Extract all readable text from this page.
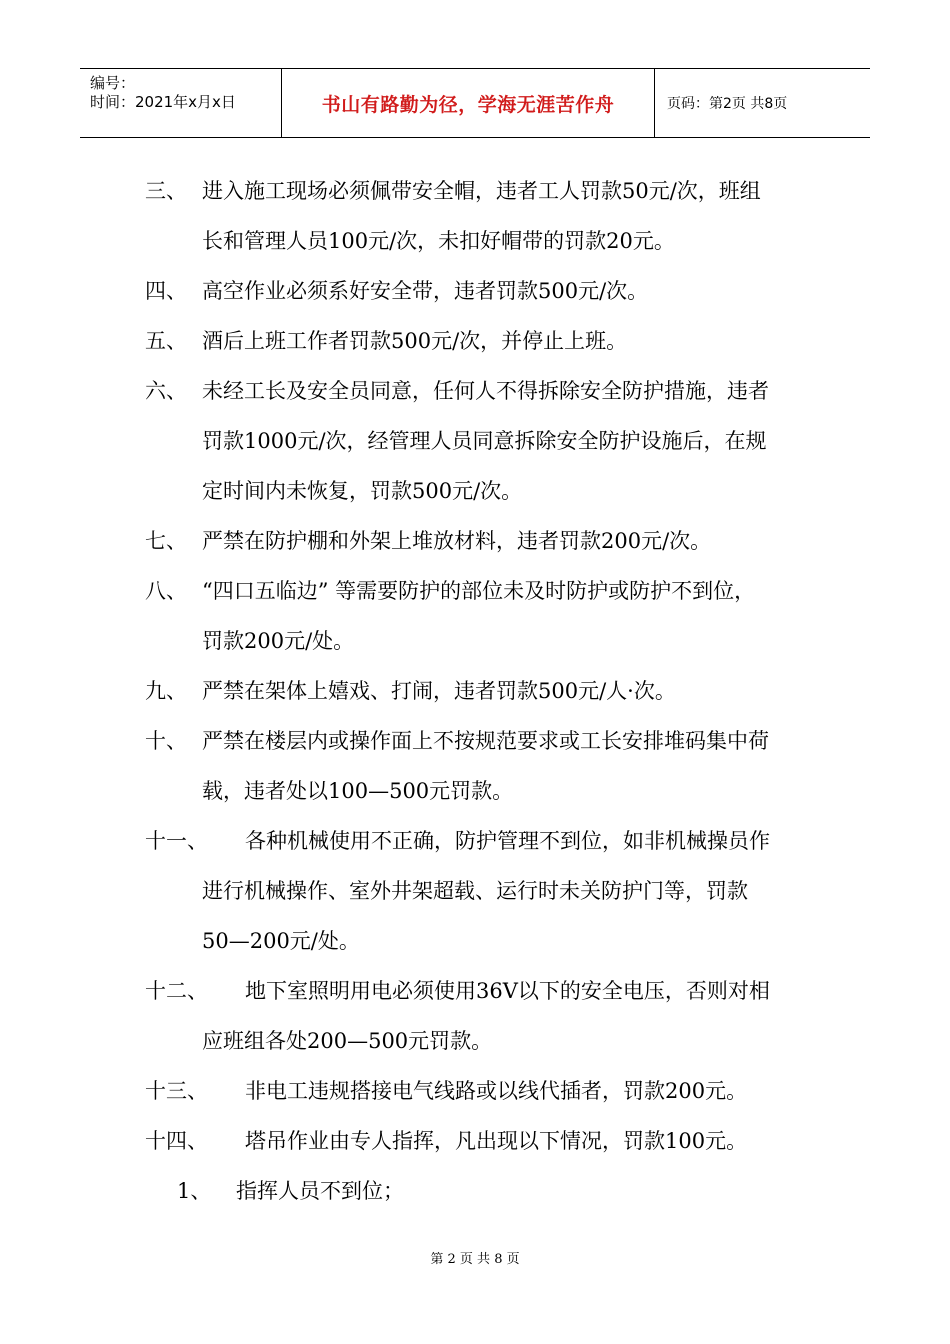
编号：
时间：2021年x月x日	书山有路勤为径，学海无涯苦作舟	页码：第2页 共8页
三、 进入施工现场必须佩带安全帽，违者工人罚款50元/次，班组
长和管理人员100元/次，未扣好帽带的罚款20元。
四、 高空作业必须系好安全带，违者罚款500元/次。
五、 酒后上班工作者罚款500元/次，并停止上班。
六、 未经工长及安全员同意，任何人不得拆除安全防护措施，违者
罚款1000元/次，经管理人员同意拆除安全防护设施后，在规
定时间内未恢复，罚款500元/次。
七、 严禁在防护棚和外架上堆放材料，违者罚款200元/次。
八、 “四口五临边” 等需要防护的部位未及时防护或防护不到位，
罚款200元/处。
九、 严禁在架体上嬉戏、打闹，违者罚款500元/人·次。
十、 严禁在楼层内或操作面上不按规范要求或工长安排堆码集中荷
载，违者处以100—500元罚款。
十一、 各种机械使用不正确，防护管理不到位，如非机械操员作
进行机械操作、室外井架超载、运行时未关防护门等，罚款
50—200元/处。
十二、 地下室照明用电必须使用36V以下的安全电压，否则对相
应班组各处200—500元罚款。
十三、 非电工违规搭接电气线路或以线代插者，罚款200元。
十四、 塔吊作业由专人指挥，凡出现以下情况，罚款100元。
1、 指挥人员不到位；
第 2 页 共 8 页
